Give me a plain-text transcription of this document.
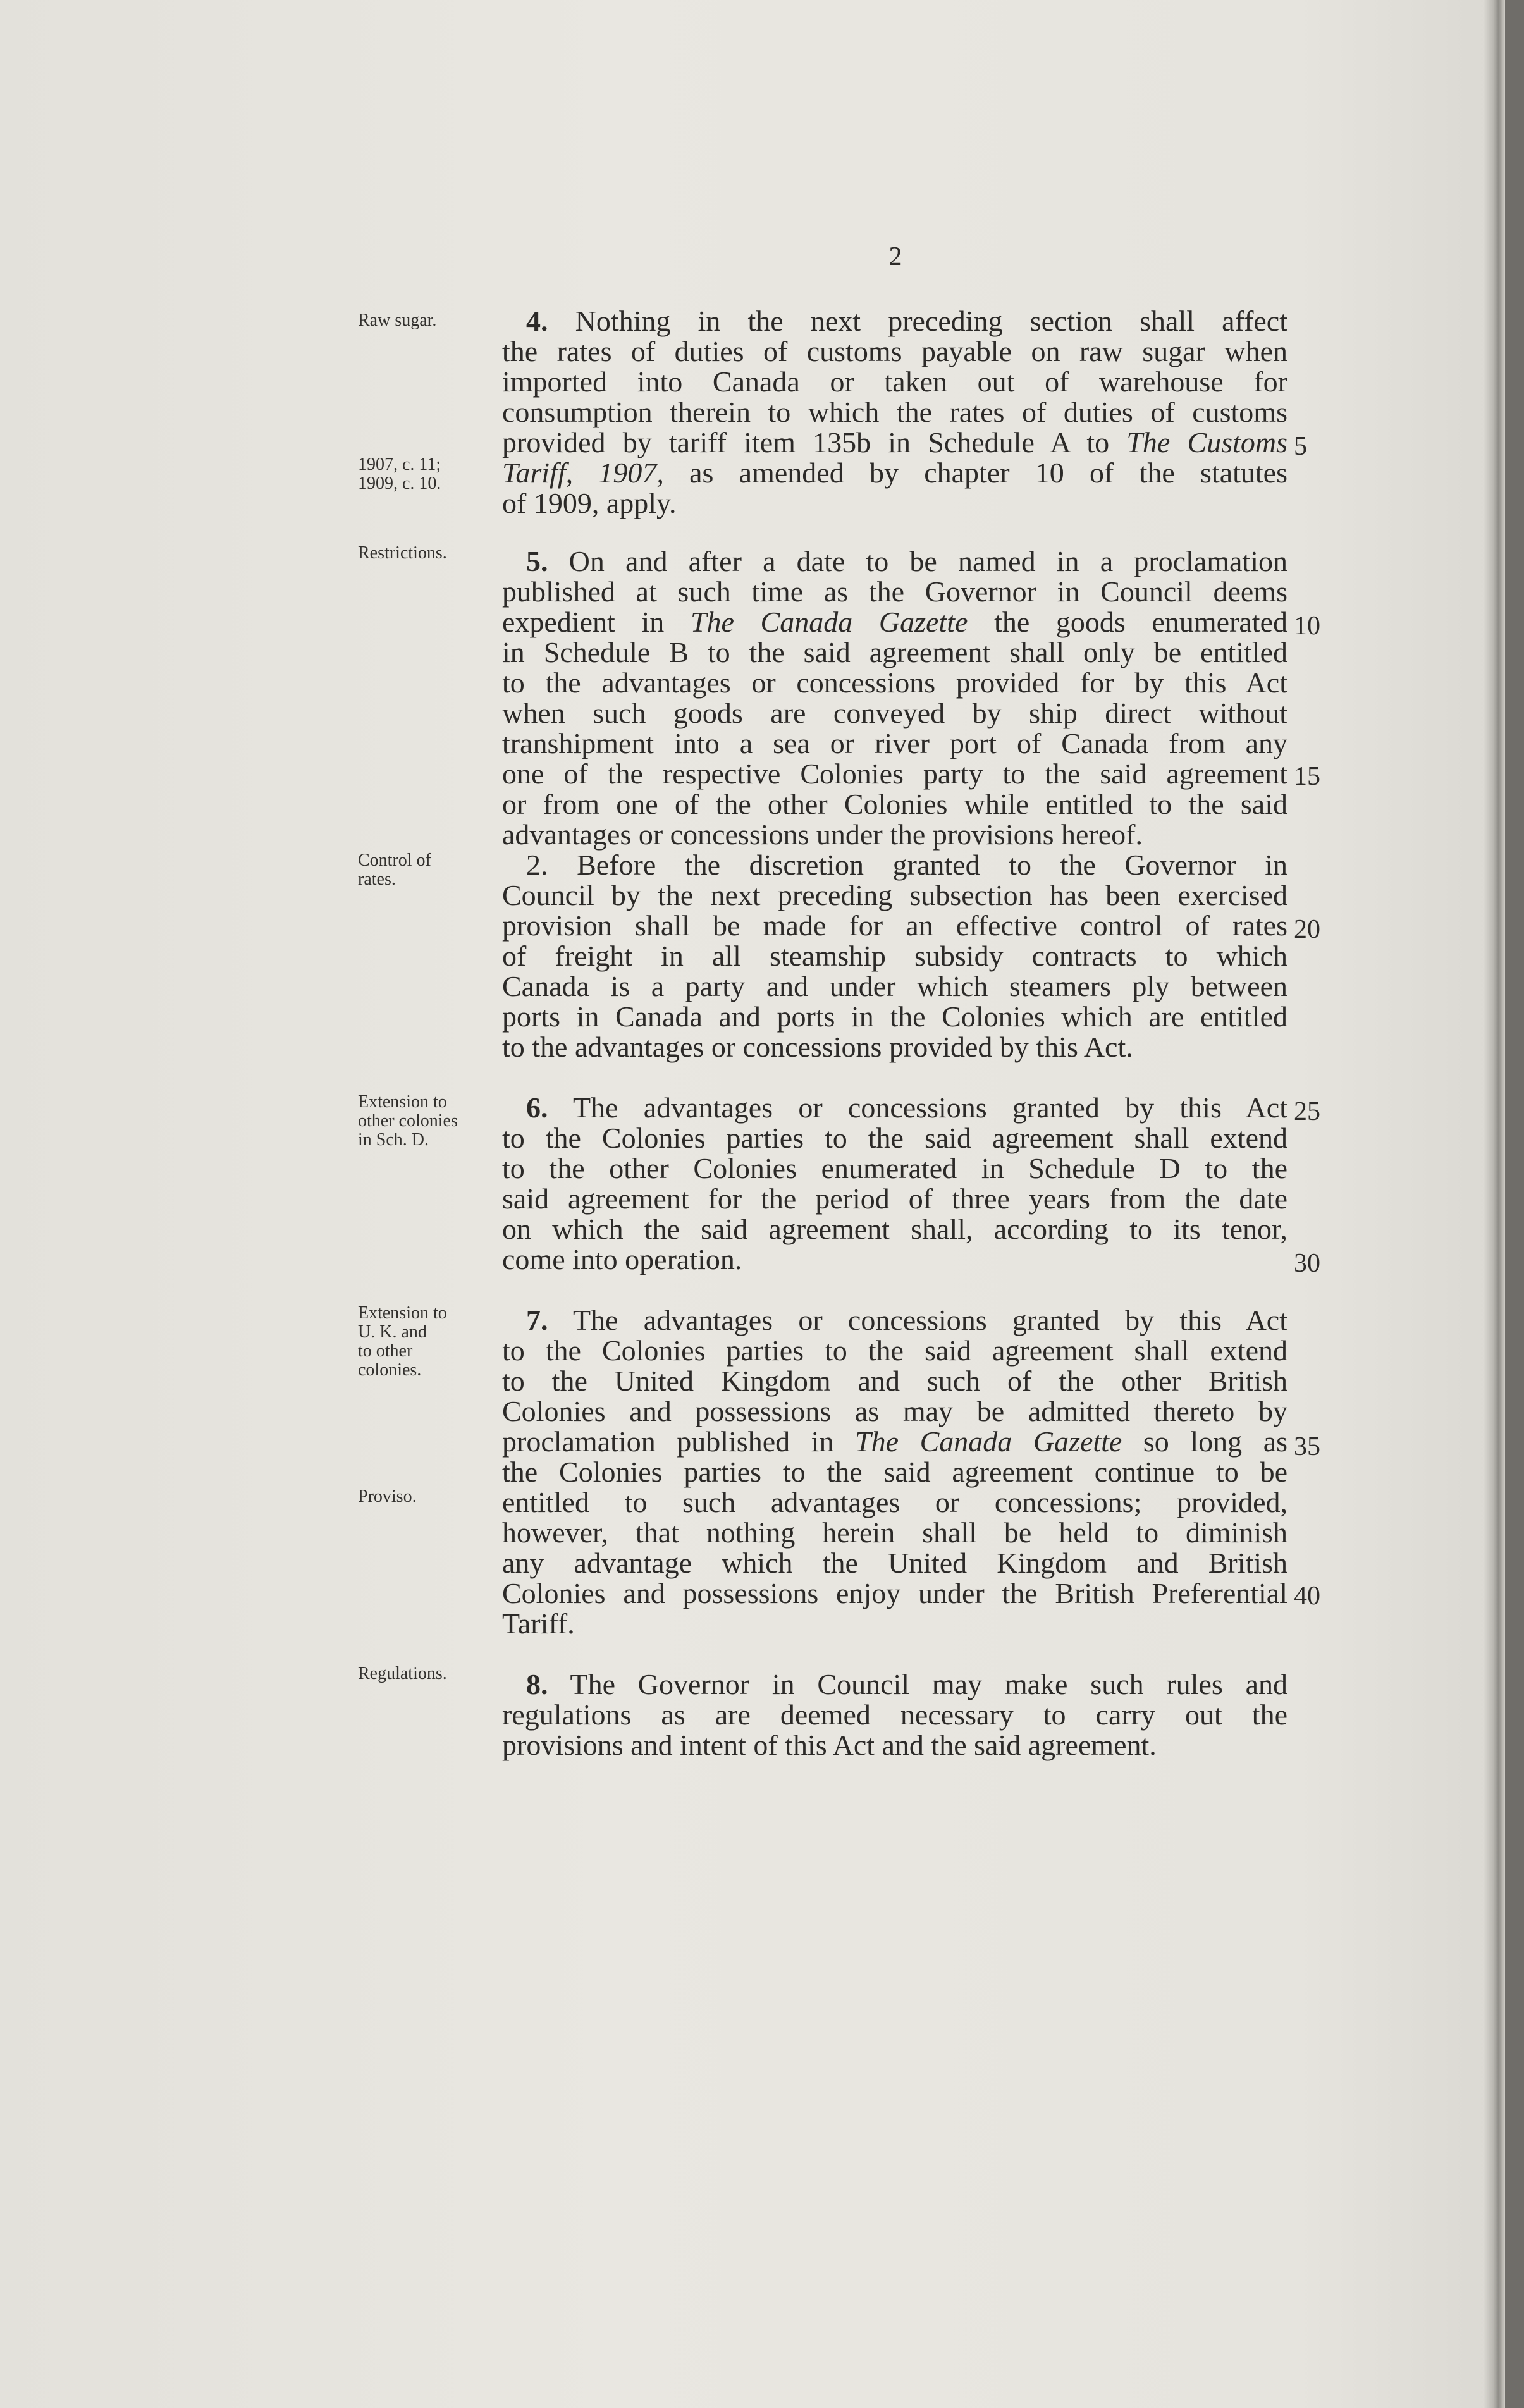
2
Raw sugar.
1907, c. 11;
1909, c. 10.
Restrictions.
Control of
rates.
Extension to
other colonies
in Sch. D.
Extension to
U. K. and
to other
colonies.
Proviso.
Regulations.
5
10
15
20
25
30
35
40

4. Nothing in the next preceding section shall affect

the rates of duties of customs payable on raw sugar when

imported into Canada or taken out of warehouse for

consumption therein to which the rates of duties of customs

provided by tariff item 135b in Schedule A to The Customs

Tariff, 1907, as amended by chapter 10 of the statutes

of 1909, apply.

5. On and after a date to be named in a proclamation

published at such time as the Governor in Council deems

expedient in The Canada Gazette the goods enumerated

in Schedule B to the said agreement shall only be entitled

to the advantages or concessions provided for by this Act

when such goods are conveyed by ship direct without

transhipment into a sea or river port of Canada from any

one of the respective Colonies party to the said agreement

or from one of the other Colonies while entitled to the said

advantages or concessions under the provisions hereof.

2. Before the discretion granted to the Governor in

Council by the next preceding subsection has been exercised

provision shall be made for an effective control of rates

of freight in all steamship subsidy contracts to which

Canada is a party and under which steamers ply between

ports in Canada and ports in the Colonies which are entitled

to the advantages or concessions provided by this Act.

6. The advantages or concessions granted by this Act

to the Colonies parties to the said agreement shall extend

to the other Colonies enumerated in Schedule D to the

said agreement for the period of three years from the date

on which the said agreement shall, according to its tenor,

come into operation.

7. The advantages or concessions granted by this Act

to the Colonies parties to the said agreement shall extend

to the United Kingdom and such of the other British

Colonies and possessions as may be admitted thereto by

proclamation published in The Canada Gazette so long as

the Colonies parties to the said agreement continue to be

entitled to such advantages or concessions; provided,

however, that nothing herein shall be held to diminish

any advantage which the United Kingdom and British

Colonies and possessions enjoy under the British Preferential

Tariff.

8. The Governor in Council may make such rules and

regulations as are deemed necessary to carry out the

provisions and intent of this Act and the said agreement.
